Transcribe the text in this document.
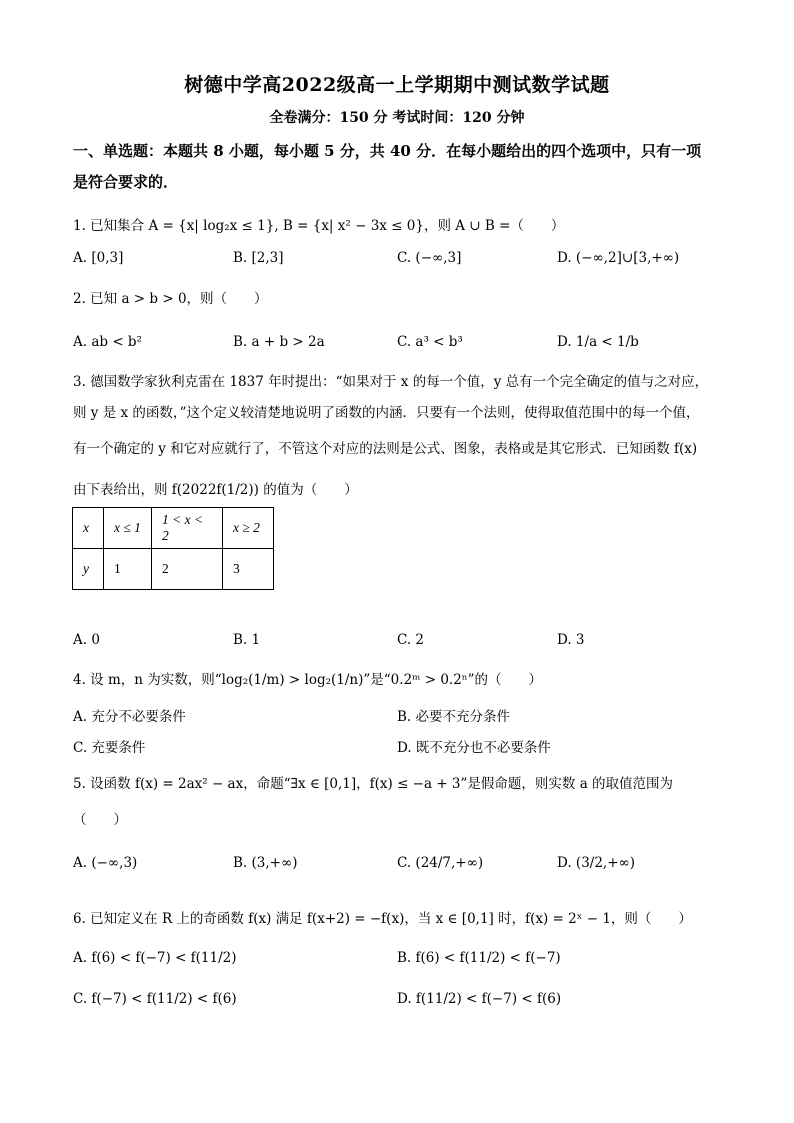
树德中学高2022级高一上学期期中测试数学试题
全卷满分：150 分 考试时间：120 分钟
一、单选题：本题共 8 小题，每小题 5 分，共 40 分．在每小题给出的四个选项中，只有一项
是符合要求的．
1. 已知集合 A = {x| log₂x ≤ 1}, B = {x| x² − 3x ≤ 0}，则 A ∪ B =（　　）
A. [0,3]	B. [2,3]	C. (−∞,3]	D. (−∞,2]∪[3,+∞)
2. 已知 a > b > 0，则（　　）
A. ab < b²	B. a + b > 2a	C. a³ < b³	D. 1/a < 1/b
3. 德国数学家狄利克雷在 1837 年时提出：“如果对于 x 的每一个值，y 总有一个完全确定的值与之对应，
则 y 是 x 的函数，”这个定义较清楚地说明了函数的内涵．只要有一个法则，使得取值范围中的每一个值，
有一个确定的 y 和它对应就行了，不管这个对应的法则是公式、图象，表格或是其它形式．已知函数 f(x)
由下表给出，则 f(2022f(1/2)) 的值为（　　）
x	x ≤ 1	1 < x < 2	x ≥ 2
y	1	2	3
A. 0	B. 1	C. 2	D. 3
4. 设 m，n 为实数，则“log₂(1/m) > log₂(1/n)”是“0.2ᵐ > 0.2ⁿ”的（　　）
A. 充分不必要条件	B. 必要不充分条件
C. 充要条件	D. 既不充分也不必要条件
5. 设函数 f(x) = 2ax² − ax，命题“∃x ∈ [0,1]，f(x) ≤ −a + 3”是假命题，则实数 a 的取值范围为
（　　）
A. (−∞,3)	B. (3,+∞)	C. (24/7,+∞)	D. (3/2,+∞)
6. 已知定义在 R 上的奇函数 f(x) 满足 f(x+2) = −f(x)，当 x ∈ [0,1] 时，f(x) = 2ˣ − 1，则（　　）
A. f(6) < f(−7) < f(11/2)	B. f(6) < f(11/2) < f(−7)
C. f(−7) < f(11/2) < f(6)	D. f(11/2) < f(−7) < f(6)
